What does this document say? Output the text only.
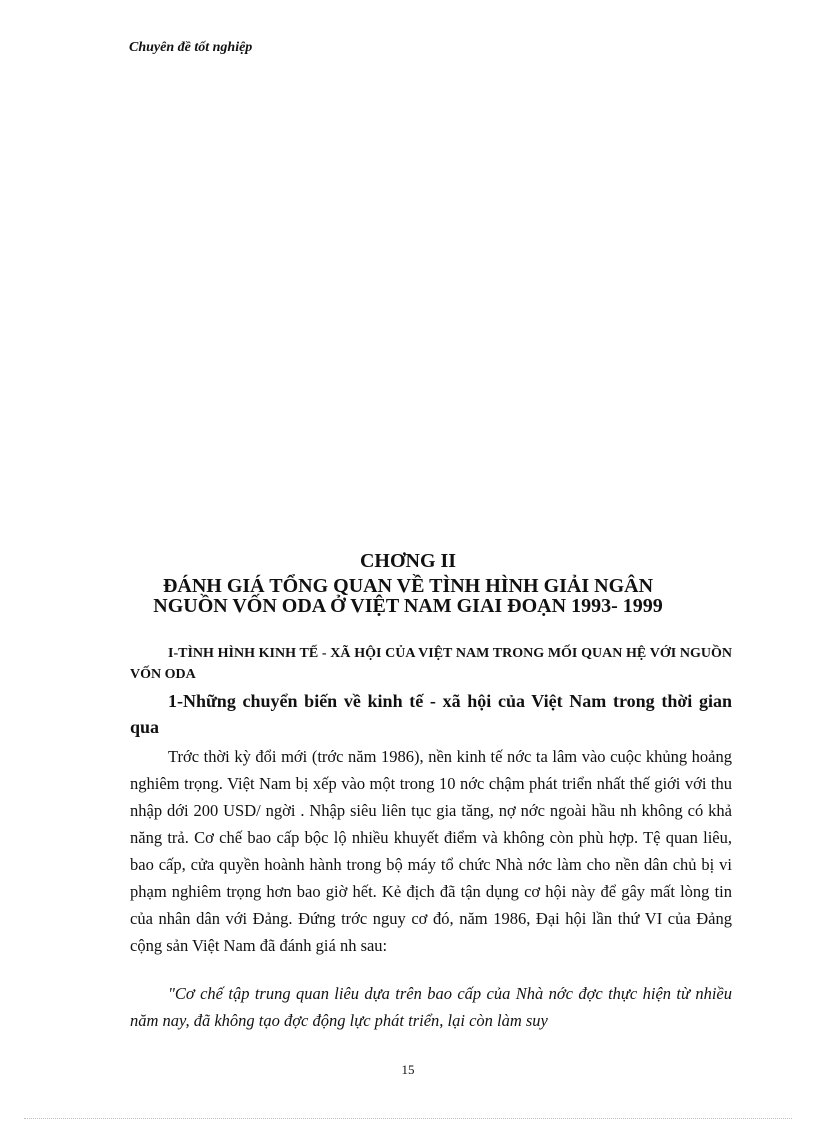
Chuyên đề tốt nghiệp

CHƠNG II
ĐÁNH GIÁ TỔNG QUAN VỀ TÌNH HÌNH GIẢI NGÂN
NGUỒN VỐN ODA Ở VIỆT NAM GIAI ĐOẠN 1993- 1999
I-TÌNH HÌNH KINH TẾ - XÃ HỘI CỦA VIỆT NAM TRONG MỐI QUAN HỆ VỚI NGUỒN VỐN ODA
1-Những chuyển biến về kinh tế - xã hội của Việt Nam trong thời gian qua

Trớc thời kỳ đổi mới (trớc năm 1986), nền kinh tế nớc ta lâm vào cuộc khủng hoảng nghiêm trọng. Việt Nam bị xếp vào một trong 10 nớc chậm phát triển nhất thế giới với thu nhập dới 200 USD/ ngời . Nhập siêu liên tục gia tăng, nợ nớc ngoài hầu nh không có khả năng trả. Cơ chế bao cấp bộc lộ nhiều khuyết điểm và không còn phù hợp. Tệ quan liêu, bao cấp, cửa quyền hoành hành trong bộ máy tổ chức Nhà nớc làm cho nền dân chủ bị vi phạm nghiêm trọng hơn bao giờ hết. Kẻ địch đã tận dụng cơ hội này để gây mất lòng tin của nhân dân với Đảng. Đứng trớc nguy cơ đó, năm 1986, Đại hội lần thứ VI của Đảng cộng sản Việt Nam đã đánh giá nh sau:

"Cơ chế tập trung quan liêu dựa trên bao cấp của Nhà nớc đợc thực hiện từ nhiều năm nay, đã không tạo đợc động lực phát triển, lại còn làm suy

15
